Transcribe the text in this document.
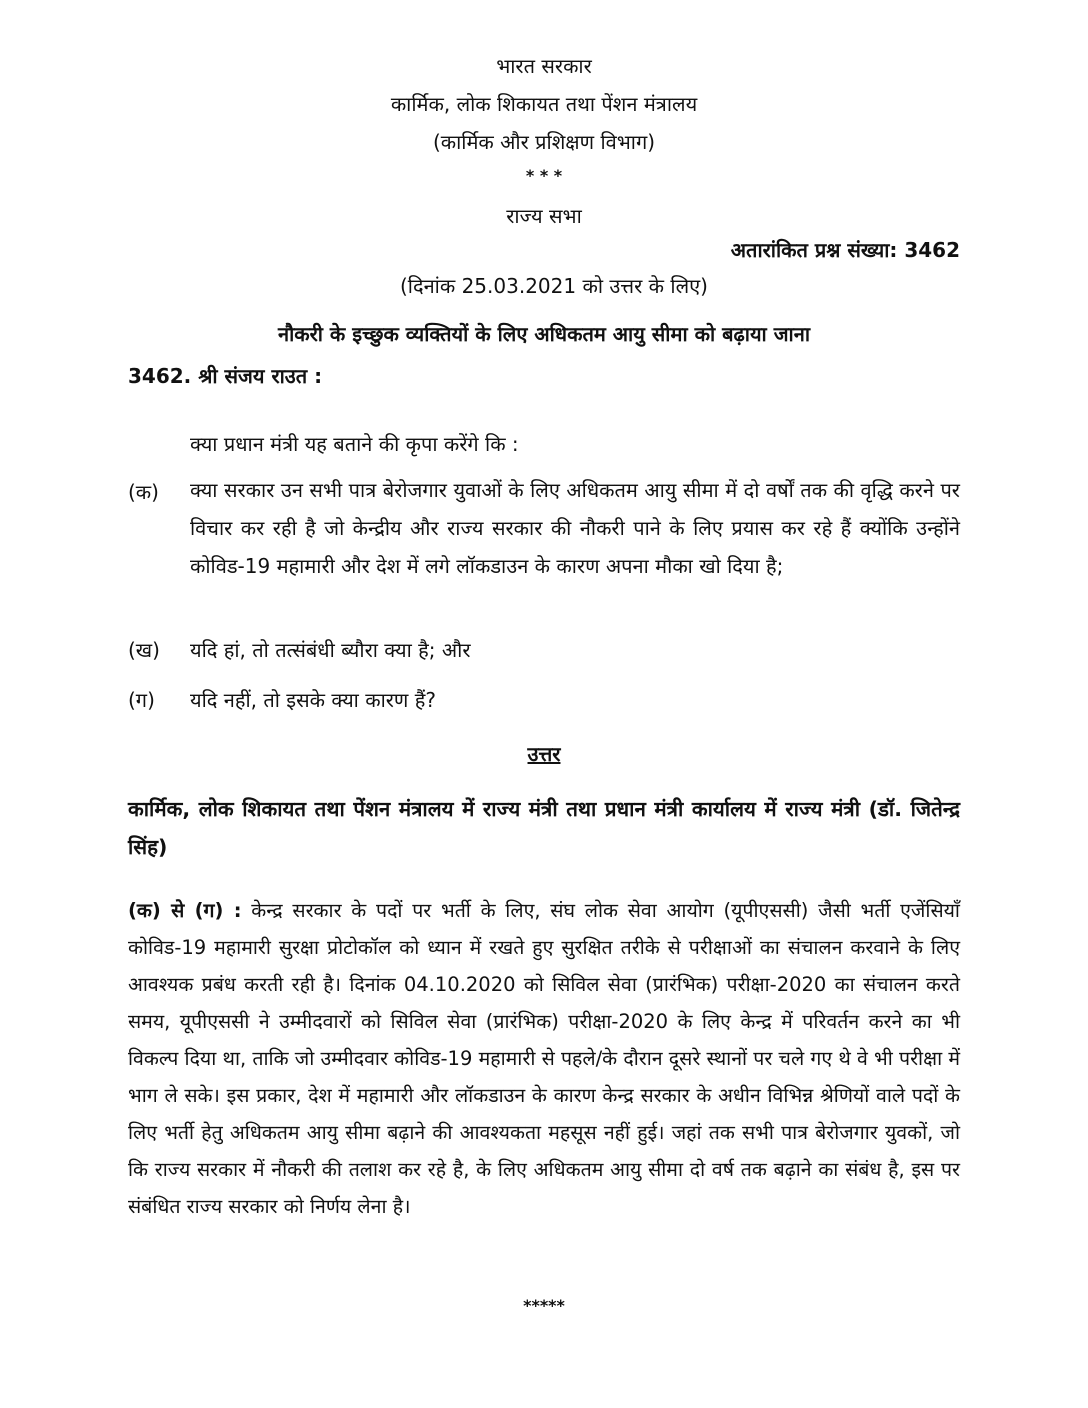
भारत सरकार
कार्मिक, लोक शिकायत तथा पेंशन मंत्रालय
(कार्मिक और प्रशिक्षण विभाग)
* * *
राज्य सभा
अतारांकित प्रश्न संख्या: 3462
(दिनांक 25.03.2021 को उत्तर के लिए)
नौकरी के इच्छुक व्यक्तियों के लिए अधिकतम आयु सीमा को बढ़ाया जाना
3462. श्री संजय राउत :
क्या प्रधान मंत्री यह बताने की कृपा करेंगे कि :
(क) क्या सरकार उन सभी पात्र बेरोजगार युवाओं के लिए अधिकतम आयु सीमा में दो वर्षों तक की वृद्धि करने पर विचार कर रही है जो केन्द्रीय और राज्य सरकार की नौकरी पाने के लिए प्रयास कर रहे हैं क्योंकि उन्होंने कोविड-19 महामारी और देश में लगे लॉकडाउन के कारण अपना मौका खो दिया है;
(ख) यदि हां, तो तत्संबंधी ब्यौरा क्या है; और
(ग) यदि नहीं, तो इसके क्या कारण हैं?
उत्तर
कार्मिक, लोक शिकायत तथा पेंशन मंत्रालय में राज्य मंत्री तथा प्रधान मंत्री कार्यालय में राज्य मंत्री (डॉ. जितेन्द्र सिंह)
(क) से (ग) : केन्द्र सरकार के पदों पर भर्ती के लिए, संघ लोक सेवा आयोग (यूपीएससी) जैसी भर्ती एजेंसियाँ कोविड-19 महामारी सुरक्षा प्रोटोकॉल को ध्यान में रखते हुए सुरक्षित तरीके से परीक्षाओं का संचालन करवाने के लिए आवश्यक प्रबंध करती रही है। दिनांक 04.10.2020 को सिविल सेवा (प्रारंभिक) परीक्षा-2020 का संचालन करते समय, यूपीएससी ने उम्मीदवारों को सिविल सेवा (प्रारंभिक) परीक्षा-2020 के लिए केन्द्र में परिवर्तन करने का भी विकल्प दिया था, ताकि जो उम्मीदवार कोविड-19 महामारी से पहले/के दौरान दूसरे स्थानों पर चले गए थे वे भी परीक्षा में भाग ले सके। इस प्रकार, देश में महामारी और लॉकडाउन के कारण केन्द्र सरकार के अधीन विभिन्न श्रेणियों वाले पदों के लिए भर्ती हेतु अधिकतम आयु सीमा बढ़ाने की आवश्यकता महसूस नहीं हुई। जहां तक सभी पात्र बेरोजगार युवकों, जो कि राज्य सरकार में नौकरी की तलाश कर रहे है, के लिए अधिकतम आयु सीमा दो वर्ष तक बढ़ाने का संबंध है, इस पर संबंधित राज्य सरकार को निर्णय लेना है।
*****
